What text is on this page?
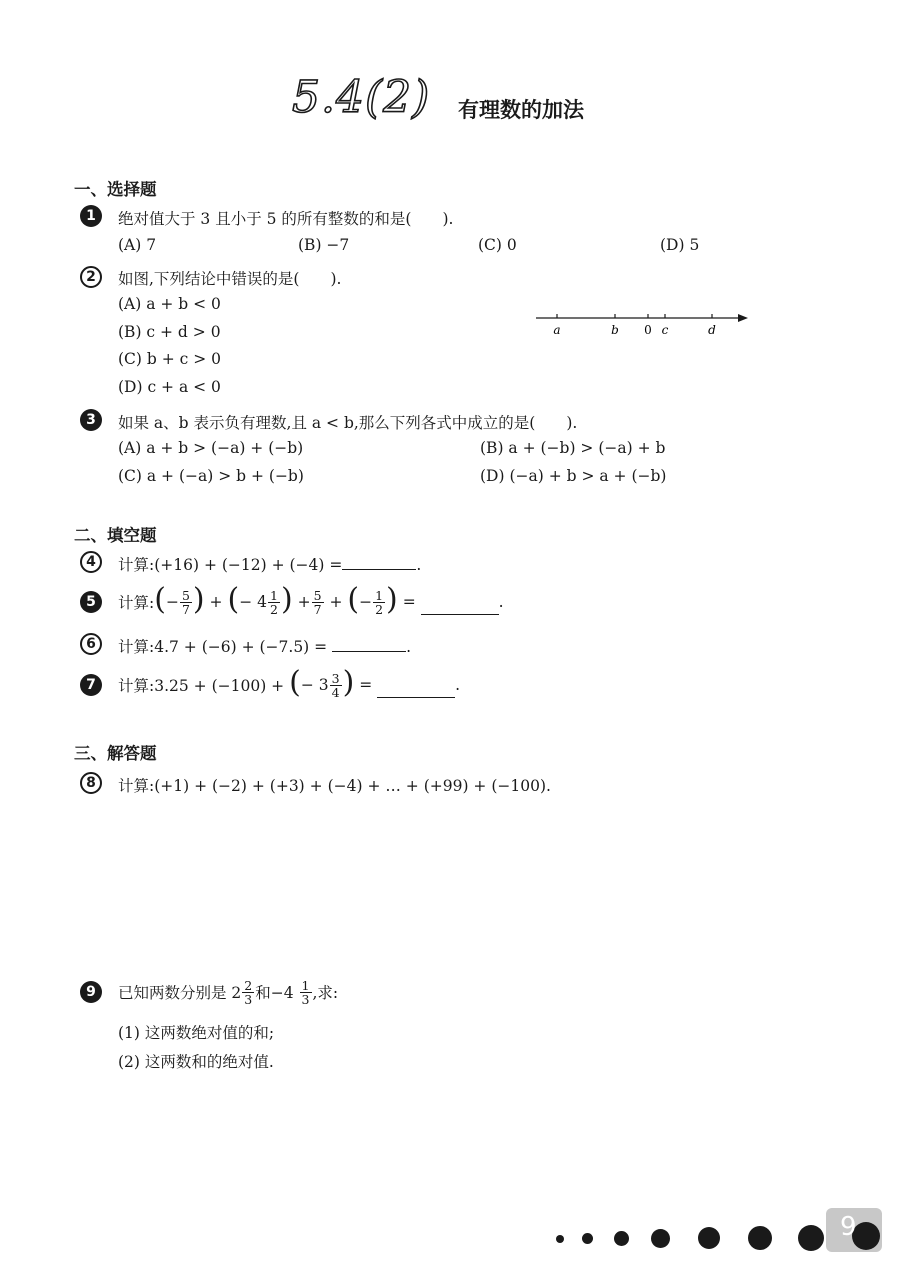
5.4(2) 有理数的加法
一、选择题
1	绝对值大于 3 且小于 5 的所有整数的和是(　　).
(A) 7	(B) −7	(C) 0	(D) 5
2	如图,下列结论中错误的是(　　).
(A) a + b < 0
(B) c + d > 0
(C) b + c > 0
(D) c + a < 0
a	b 0 c	d
3	如果 a、b 表示负有理数,且 a < b,那么下列各式中成立的是(　　).
(A) a + b > (−a) + (−b)	(B) a + (−b) > (−a) + b
(C) a + (−a) > b + (−b)	(D) (−a) + b > a + (−b)
二、填空题
4	计算:(+16) + (−12) + (−4) =	.
5	计算: ( − $\frac{5}{7}$ ) + ( − $4 \frac{1}{2}$ ) + $\frac{5}{7}$ + ( − $\frac{1}{2}$ ) =	.
6	计算:4.7 + (−6) + (−7.5) =	.
7	计算:3.25 + (−100) +
( − $3 \frac{3}{4}$ ) =	.
三、解答题
8	计算:(+1) + (−2) + (+3) + (−4) + … + (+99) + (−100).
9	已知两数分别是 $2 \frac{2}{3}$ 和−4
$\frac{1}{3}$ ,求:
(1) 这两数绝对值的和;
(2) 这两数和的绝对值.
9
